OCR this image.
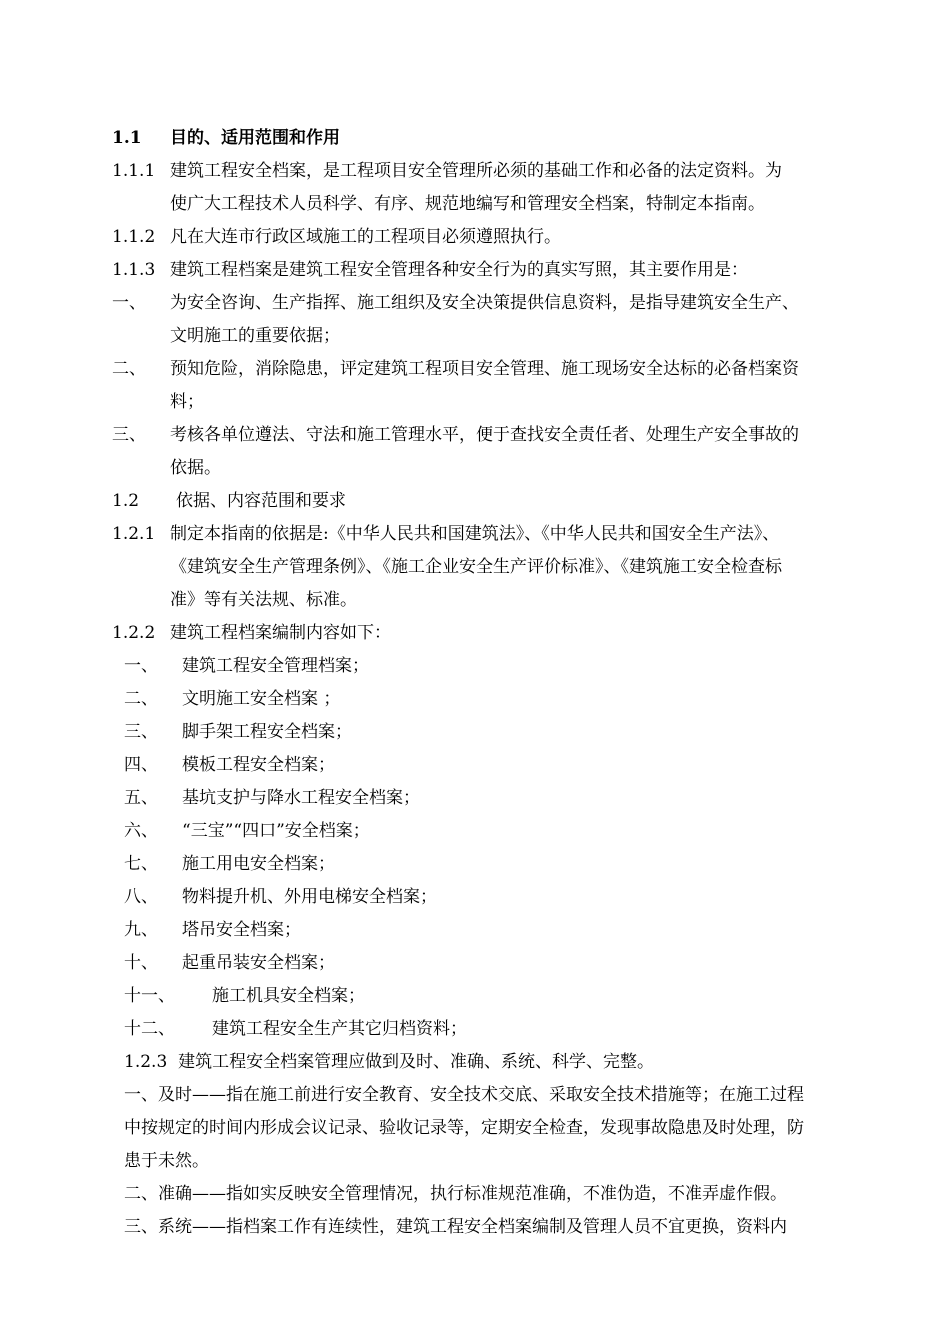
1.1	目的、适用范围和作用
1.1.1 建筑工程安全档案，是工程项目安全管理所必须的基础工作和必备的法定资料。为
使广大工程技术人员科学、有序、规范地编写和管理安全档案，特制定本指南。
1.1.2 凡在大连市行政区域施工的工程项目必须遵照执行。
1.1.3 建筑工程档案是建筑工程安全管理各种安全行为的真实写照，其主要作用是：
一、	为安全咨询、生产指挥、施工组织及安全决策提供信息资料，是指导建筑安全生产、
文明施工的重要依据；
二、	预知危险，消除隐患，评定建筑工程项目安全管理、施工现场安全达标的必备档案资
料；
三、	考核各单位遵法、守法和施工管理水平，便于查找安全责任者、处理生产安全事故的
依据。
1.2	依据、内容范围和要求
1.2.1 制定本指南的依据是:《中华人民共和国建筑法》、《中华人民共和国安全生产法》、
《建筑安全生产管理条例》、《施工企业安全生产评价标准》、《建筑施工安全检查标
准》等有关法规、标准。
1.2.2 建筑工程档案编制内容如下：
一、	建筑工程安全管理档案；
二、	文明施工安全档案 ；
三、	脚手架工程安全档案；
四、	模板工程安全档案；
五、	基坑支护与降水工程安全档案；
六、	“三宝”“四口”安全档案；
七、	施工用电安全档案；
八、	物料提升机、外用电梯安全档案；
九、	塔吊安全档案；
十、	起重吊装安全档案；
十一、	施工机具安全档案；
十二、	建筑工程安全生产其它归档资料；

1.2.3  建筑工程安全档案管理应做到及时、准确、系统、科学、完整。

一、及时——指在施工前进行安全教育、安全技术交底、采取安全技术措施等；在施工过程

中按规定的时间内形成会议记录、验收记录等，定期安全检查，发现事故隐患及时处理，防

患于未然。

二、准确——指如实反映安全管理情况，执行标准规范准确，不准伪造，不准弄虚作假。

三、系统——指档案工作有连续性，建筑工程安全档案编制及管理人员不宜更换，资料内
